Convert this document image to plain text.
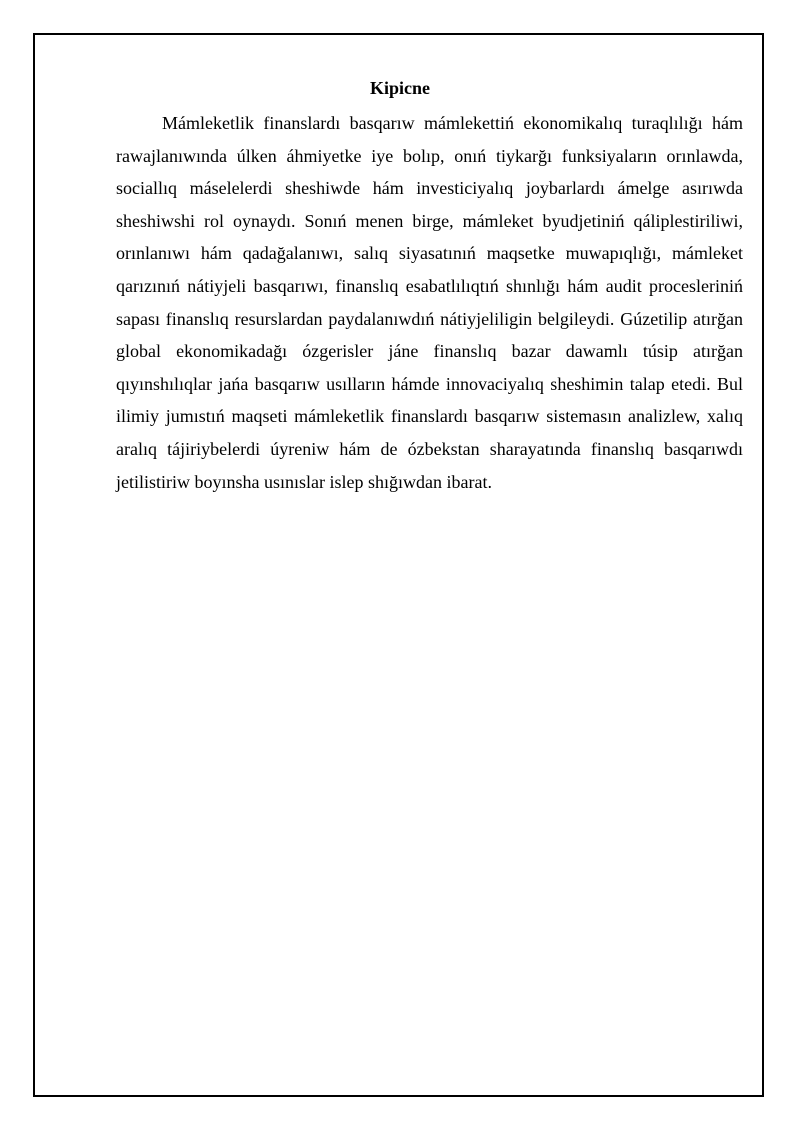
Kipicne

Mámleketlik finanslardı basqarıw mámlekettiń ekonomikalıq turaqlılığı hám rawajlanıwında úlken áhmiyetke iye bolıp, onıń tiykarğı funksiyaların orınlawda, sociallıq máselelerdi sheshiwde hám investiciyalıq joybarlardı ámelge asırıwda sheshiwshi rol oynaydı. Sonıń menen birge, mámleket byudjetiniń qáliplestiriliwi, orınlanıwı hám qadağalanıwı, salıq siyasatınıń maqsetke muwapıqlığı, mámleket qarızınıń nátiyjeli basqarıwı, finanslıq esabatlılıqtıń shınlığı hám audit procesleriniń sapası finanslıq resurslardan paydalanıwdıń nátiyjeliligin belgileydi. Gúzetilip atırğan global ekonomikadağı ózgerisler jáne finanslıq bazar dawamlı túsip atırğan qıyınshılıqlar jańa basqarıw usılların hámde innovaciyalıq sheshimin talap etedi. Bul ilimiy jumıstıń maqseti mámleketlik finanslardı basqarıw sistemasın analizlew, xalıq aralıq tájiriybelerdi úyreniw hám de ózbekstan sharayatında finanslıq basqarıwdı jetilistiriw boyınsha usınıslar islep shığıwdan ibarat.
